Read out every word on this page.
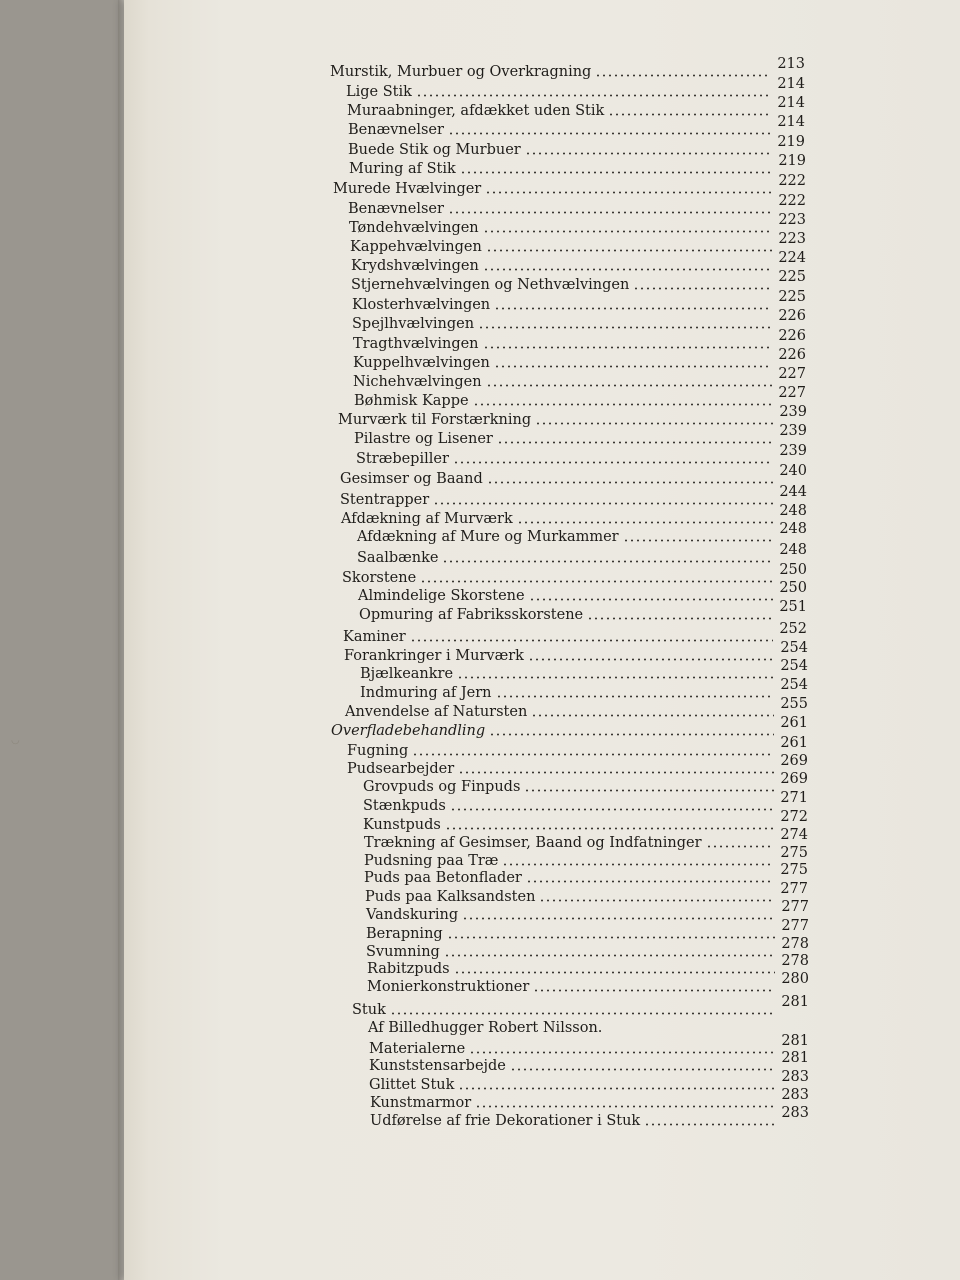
◡
Murstik, Murbuer og Overkragning	213
Lige Stik	214
Muraabninger, afdækket uden Stik	214
Benævnelser	214
Buede Stik og Murbuer	219
Muring af Stik	219
Murede Hvælvinger	222
Benævnelser	222
Tøndehvælvingen	223
Kappehvælvingen	223
Krydshvælvingen	224
Stjernehvælvingen og Nethvælvingen	225
Klosterhvælvingen	225
Spejlhvælvingen	226
Tragthvælvingen	226
Kuppelhvælvingen	226
Nichehvælvingen	227
Bøhmisk Kappe	227
Murværk til Forstærkning	239
Pilastre og Lisener	239
Stræbepiller	239
Gesimser og Baand	240
Stentrapper	244
Afdækning af Murværk	248
Afdækning af Mure og Murkammer	248
Saalbænke	248
Skorstene	250
Almindelige Skorstene	250
Opmuring af Fabriksskorstene	251
Kaminer	252
Forankringer i Murværk	254
Bjælkeankre	254
Indmuring af Jern	254
Anvendelse af Natursten	255
Overfladebehandling	261
Fugning	261
Pudsearbejder	269
Grovpuds og Finpuds	269
Stænkpuds	271
Kunstpuds	272
Trækning af Gesimser, Baand og Indfatninger	274
Pudsning paa Træ	275
Puds paa Betonflader	275
Puds paa Kalksandsten	277
Vandskuring	277
Berapning	277
Svumning	278
Rabitzpuds	278
Monierkonstruktioner	280
Stuk	281
Materialerne	281
Kunststensarbejde	281
Glittet Stuk	283
Kunstmarmor	283
Udførelse af frie Dekorationer i Stuk	283
Af Billedhugger Robert Nilsson.
